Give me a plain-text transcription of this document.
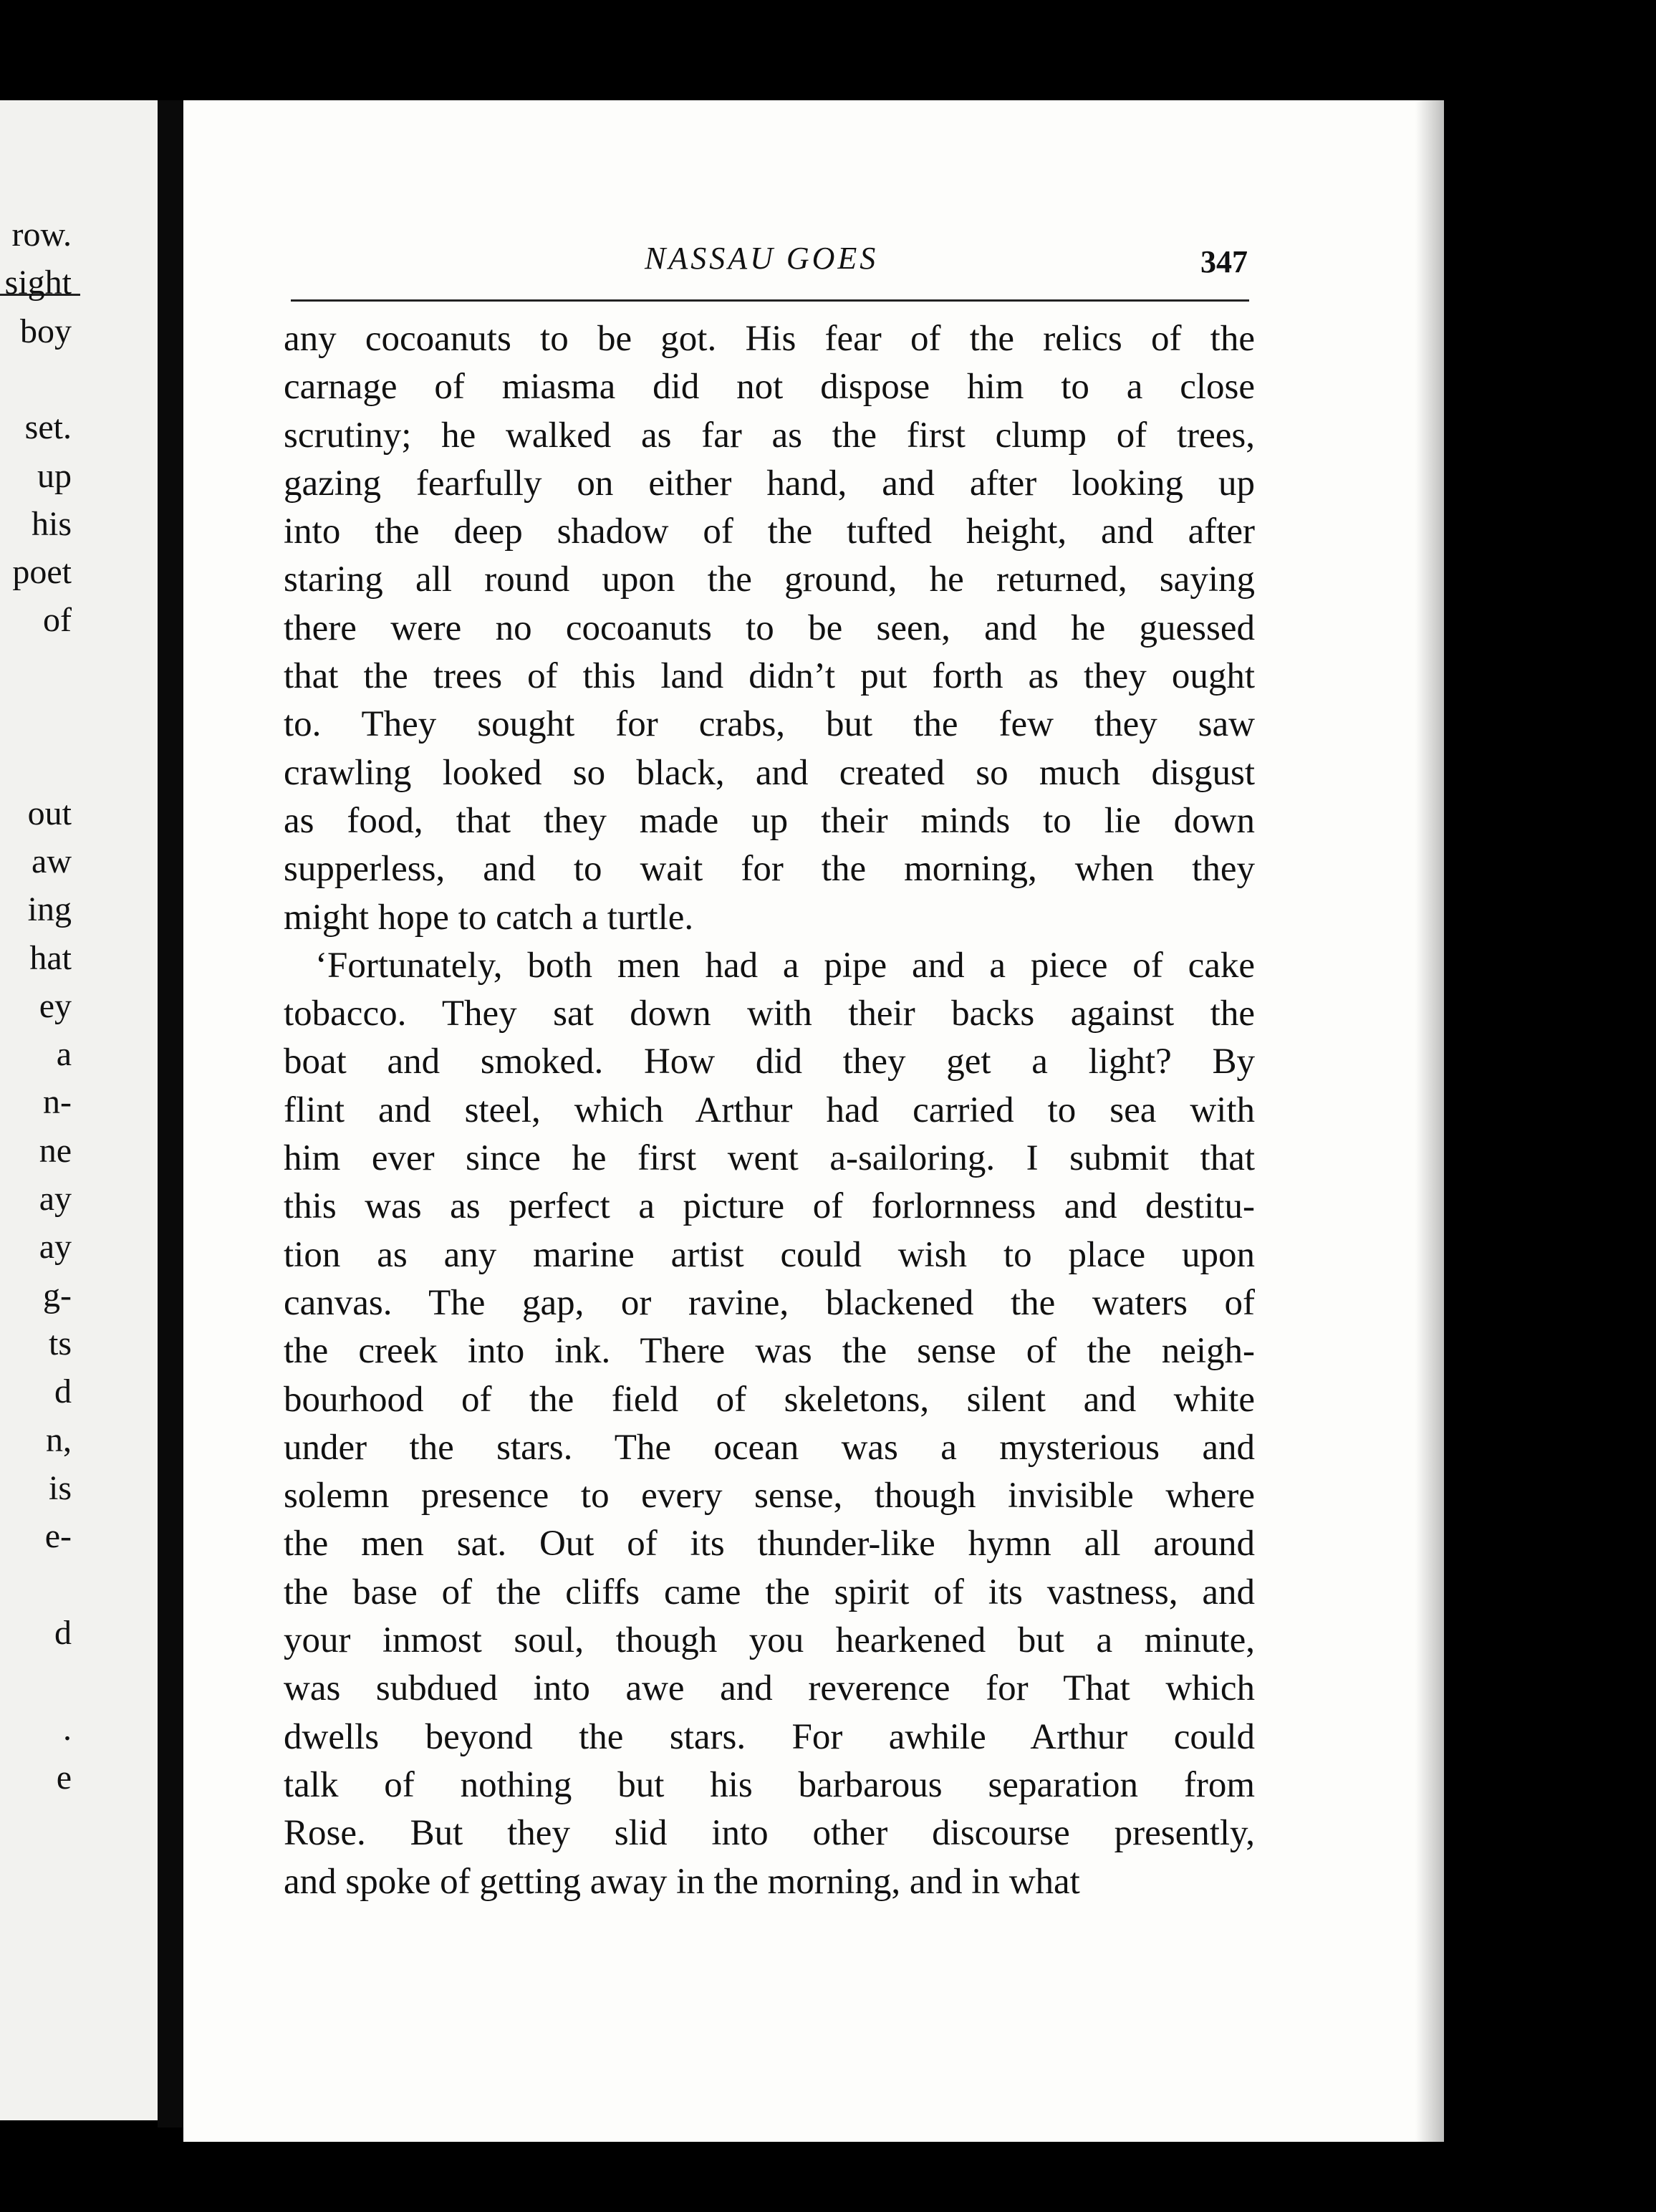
row.
sight
boy
set.
up
his
poet
of
out
aw
ing
hat
ey
a
n-
ne
ay
ay
g-
ts
d
n,
is
e-
d
.
e
NASSAU GOES	347
any cocoanuts to be got. His fear of the relics of the
carnage of miasma did not dispose him to a close
scrutiny; he walked as far as the first clump of trees,
gazing fearfully on either hand, and after looking up
into the deep shadow of the tufted height, and after
staring all round upon the ground, he returned, saying
there were no cocoanuts to be seen, and he guessed
that the trees of this land didn’t put forth as they ought
to. They sought for crabs, but the few they saw
crawling looked so black, and created so much disgust
as food, that they made up their minds to lie down
supperless, and to wait for the morning, when they
might hope to catch a turtle.
‘Fortunately, both men had a pipe and a piece of cake
tobacco. They sat down with their backs against the
boat and smoked. How did they get a light? By
flint and steel, which Arthur had carried to sea with
him ever since he first went a-sailoring. I submit that
this was as perfect a picture of forlornness and destitu-
tion as any marine artist could wish to place upon
canvas. The gap, or ravine, blackened the waters of
the creek into ink. There was the sense of the neigh-
bourhood of the field of skeletons, silent and white
under the stars. The ocean was a mysterious and
solemn presence to every sense, though invisible where
the men sat. Out of its thunder-like hymn all around
the base of the cliffs came the spirit of its vastness, and
your inmost soul, though you hearkened but a minute,
was subdued into awe and reverence for That which
dwells beyond the stars. For awhile Arthur could
talk of nothing but his barbarous separation from
Rose. But they slid into other discourse presently,
and spoke of getting away in the morning, and in what
